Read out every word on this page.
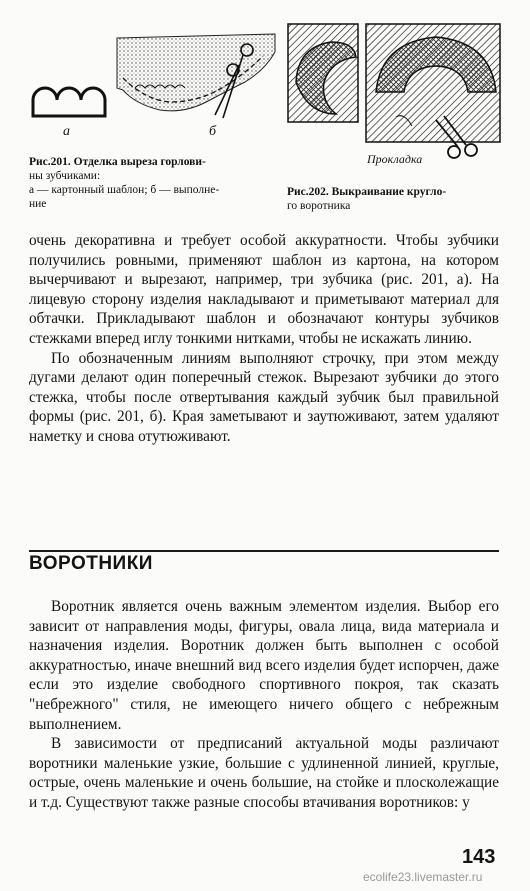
а	б
Рис.201. Отделка выреза горлови-
ны зубчиками:
а — картонный шаблон; б — выполне-
ние
Прокладка
Рис.202. Выкраивание кругло-
го воротника

очень декоративна и требует особой аккуратности. Чтобы зубчики получились ровными, применяют шаблон из картона, на котором вычерчивают и вырезают, например, три зубчика (рис. 201, а). На лицевую сторону изделия накладывают и приметывают материал для обтачки. Прикладывают шаблон и обозначают контуры зубчиков стежками вперед иглу тонкими нитками, чтобы не искажать линию.

По обозначенным линиям выполняют строчку, при этом между дугами делают один поперечный стежок. Вырезают зубчики до этого стежка, чтобы после отвертывания каждый зубчик был правильной формы (рис. 201, б). Края заметывают и заутюживают, затем удаляют наметку и снова отутюживают.

ВОРОТНИКИ

Воротник является очень важным элементом изделия. Выбор его зависит от направления моды, фигуры, овала лица, вида материала и назначения изделия. Воротник должен быть выполнен с особой аккуратностью, иначе внешний вид всего изделия будет испорчен, даже если это изделие свободного спортивного покроя, так сказать "небрежного" стиля, не имеющего ничего общего с небрежным выполнением.

В зависимости от предписаний актуальной моды различают воротники маленькие узкие, большие с удлиненной линией, круглые, острые, очень маленькие и очень большие, на стойке и плосколежащие и т.д. Существуют также разные способы втачивания воротников: у

143
ecolife23.livemaster.ru
